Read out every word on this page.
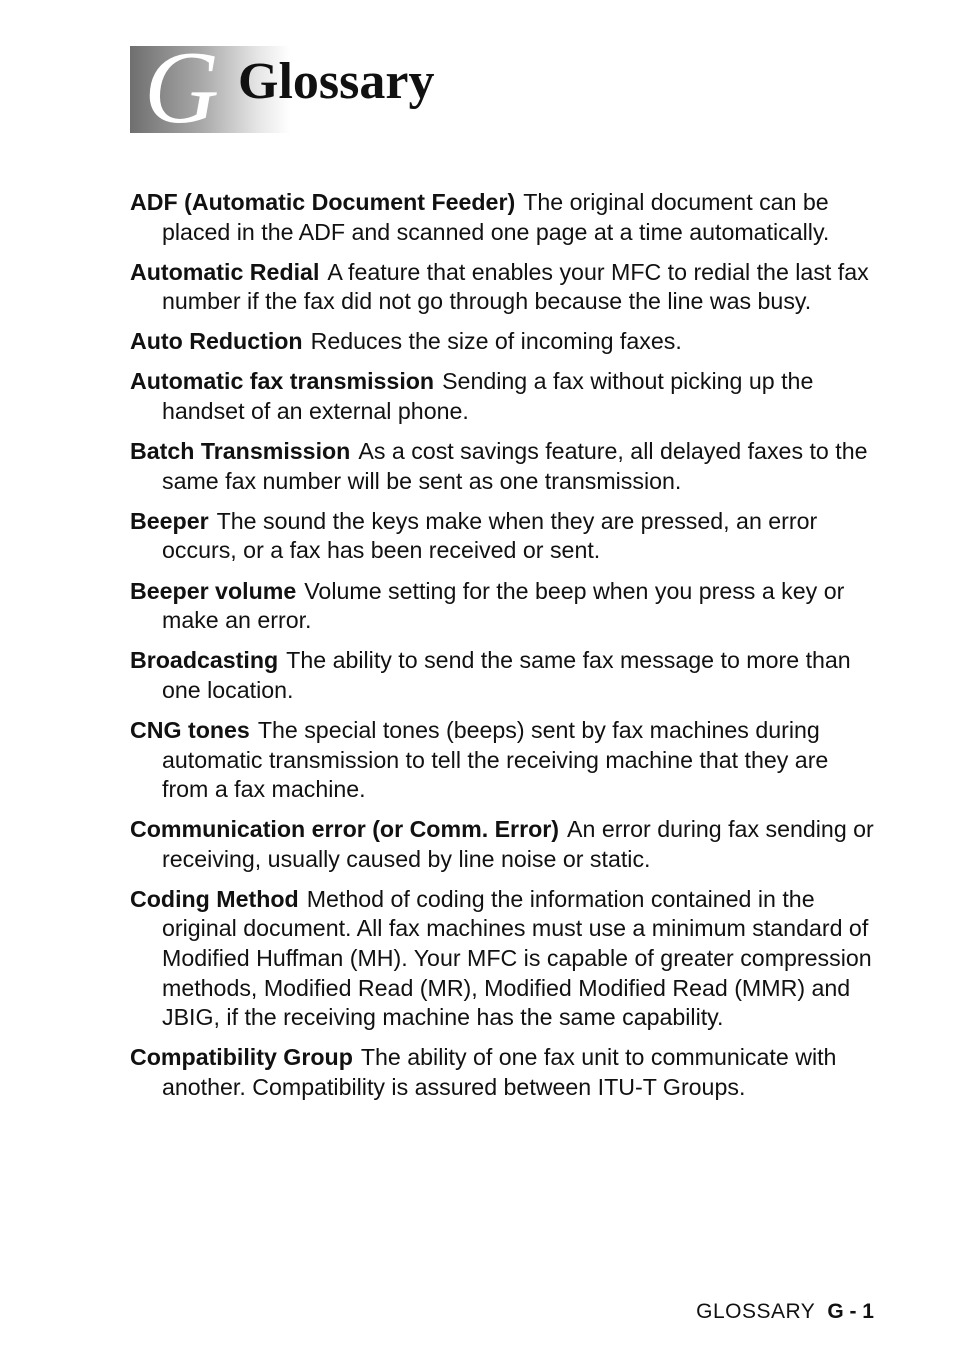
G Glossary

ADF (Automatic Document Feeder) The original document can be placed in the ADF and scanned one page at a time automatically.

Automatic Redial A feature that enables your MFC to redial the last fax number if the fax did not go through because the line was busy.

Auto Reduction Reduces the size of incoming faxes.

Automatic fax transmission Sending a fax without picking up the handset of an external phone.

Batch Transmission As a cost savings feature, all delayed faxes to the same fax number will be sent as one transmission.

Beeper The sound the keys make when they are pressed, an error occurs, or a fax has been received or sent.

Beeper volume Volume setting for the beep when you press a key or make an error.

Broadcasting The ability to send the same fax message to more than one location.

CNG tones The special tones (beeps) sent by fax machines during automatic transmission to tell the receiving machine that they are from a fax machine.

Communication error (or Comm. Error) An error during fax sending or receiving, usually caused by line noise or static.

Coding Method Method of coding the information contained in the original document. All fax machines must use a minimum standard of Modified Huffman (MH). Your MFC is capable of greater compression methods, Modified Read (MR), Modified Modified Read (MMR) and JBIG, if the receiving machine has the same capability.

Compatibility Group The ability of one fax unit to communicate with another. Compatibility is assured between ITU-T Groups.

GLOSSARY G - 1
